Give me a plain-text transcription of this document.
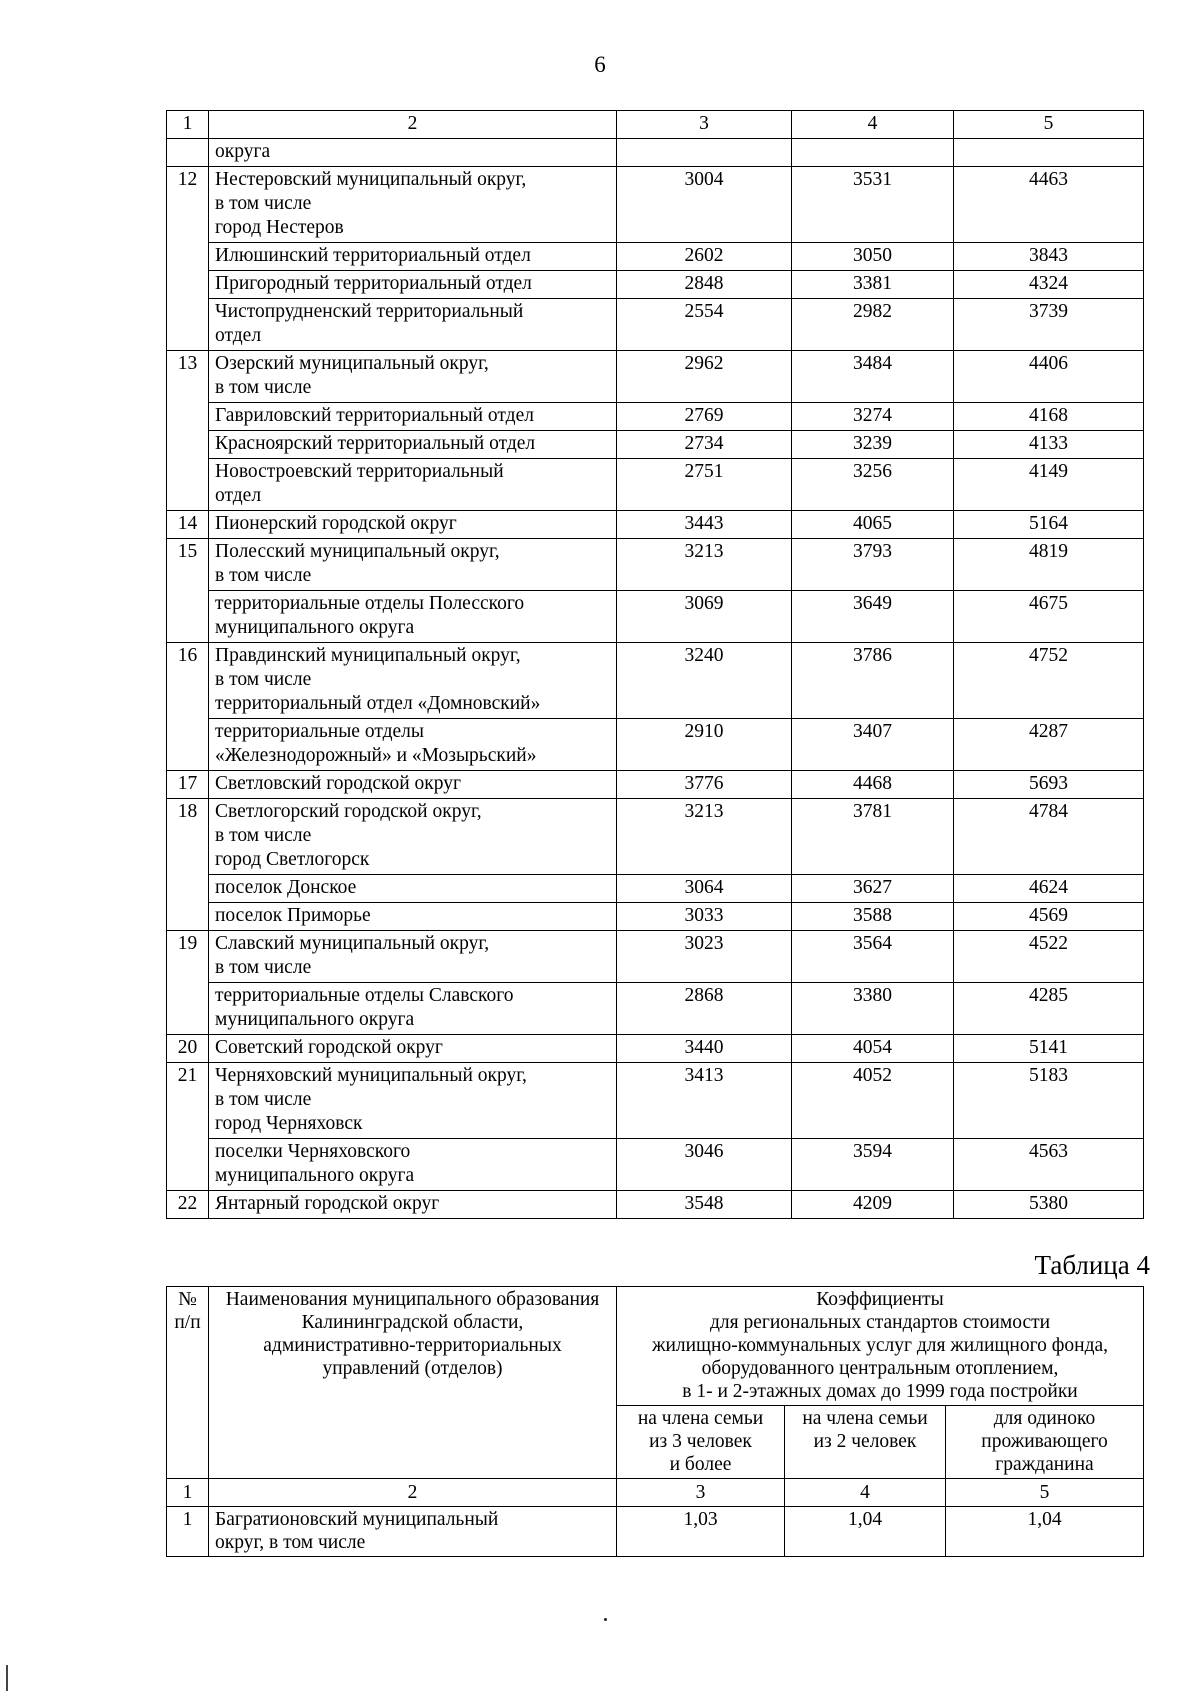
6
1	2	3	4	5
	округа			
12	Нестеровский муниципальный округ,
в том числе
город Нестеров	3004	3531	4463
	Илюшинский территориальный отдел	2602	3050	3843
	Пригородный территориальный отдел	2848	3381	4324
	Чистопрудненский территориальный
отдел	2554	2982	3739
13	Озерский муниципальный округ,
в том числе	2962	3484	4406
	Гавриловский территориальный отдел	2769	3274	4168
	Красноярский территориальный отдел	2734	3239	4133
	Новостроевский территориальный
отдел	2751	3256	4149
14	Пионерский городской округ	3443	4065	5164
15	Полесский муниципальный округ,
в том числе	3213	3793	4819
	территориальные отделы Полесского
муниципального округа	3069	3649	4675
16	Правдинский муниципальный округ,
в том числе
территориальный отдел «Домновский»	3240	3786	4752
	территориальные отделы
«Железнодорожный» и «Мозырьский»	2910	3407	4287
17	Светловский городской округ	3776	4468	5693
18	Светлогорский городской округ,
в том числе
город Светлогорск	3213	3781	4784
	поселок Донское	3064	3627	4624
	поселок Приморье	3033	3588	4569
19	Славский муниципальный округ,
в том числе	3023	3564	4522
	территориальные отделы Славского
муниципального округа	2868	3380	4285
20	Советский городской округ	3440	4054	5141
21	Черняховский муниципальный округ,
в том числе
город Черняховск	3413	4052	5183
	поселки Черняховского
муниципального округа	3046	3594	4563
22	Янтарный городской округ	3548	4209	5380
Таблица 4
№
п/п	Наименования муниципального образования
Калининградской области,
административно-территориальных
управлений (отделов)	Коэффициенты
для региональных стандартов стоимости
жилищно-коммунальных услуг для жилищного фонда,
оборудованного центральным отоплением,
в 1- и 2-этажных домах до 1999 года постройки		
		на члена семьи
из 3 человек
и более	на члена семьи
из 2 человек	для одиноко
проживающего
гражданина
1	2	3	4	5
1	Багратионовский муниципальный
округ, в том числе	1,03	1,04	1,04
